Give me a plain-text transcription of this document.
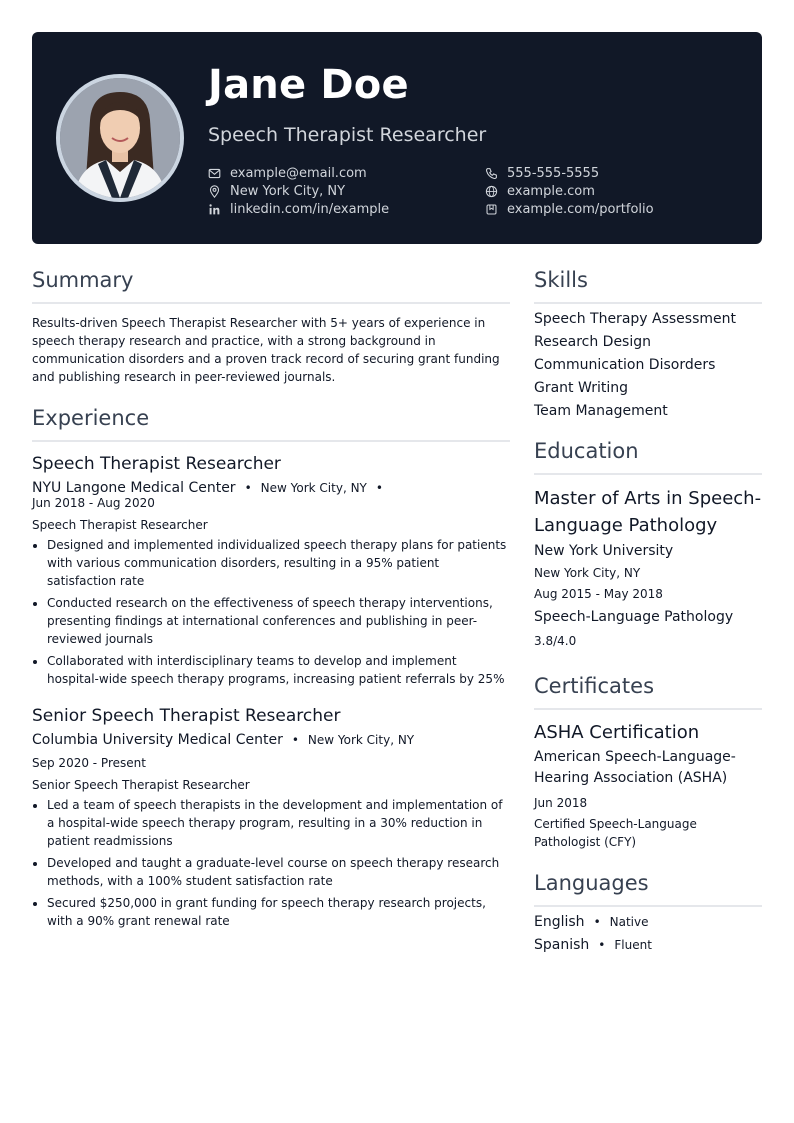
Jane Doe
Speech Therapist Researcher
example@email.com	555-555-5555
New York City, NY	example.com
linkedin.com/in/example	example.com/portfolio
Summary
Results-driven Speech Therapist Researcher with 5+ years of experience in speech therapy research and practice, with a strong background in communication disorders and a proven track record of securing grant funding and publishing research in peer-reviewed journals.
Experience
Speech Therapist Researcher
NYU Langone Medical Center • New York City, NY •
Jun 2018 - Aug 2020
Speech Therapist Researcher
• Designed and implemented individualized speech therapy plans for patients with various communication disorders, resulting in a 95% patient satisfaction rate
• Conducted research on the effectiveness of speech therapy interventions, presenting findings at international conferences and publishing in peer-reviewed journals
• Collaborated with interdisciplinary teams to develop and implement hospital-wide speech therapy programs, increasing patient referrals by 25%
Senior Speech Therapist Researcher
Columbia University Medical Center • New York City, NY
Sep 2020 - Present
Senior Speech Therapist Researcher
• Led a team of speech therapists in the development and implementation of a hospital-wide speech therapy program, resulting in a 30% reduction in patient readmissions
• Developed and taught a graduate-level course on speech therapy research methods, with a 100% student satisfaction rate
• Secured $250,000 in grant funding for speech therapy research projects, with a 90% grant renewal rate
Skills
Speech Therapy Assessment
Research Design
Communication Disorders
Grant Writing
Team Management
Education
Master of Arts in Speech-Language Pathology
New York University
New York City, NY
Aug 2015 - May 2018
Speech-Language Pathology
3.8/4.0
Certificates
ASHA Certification
American Speech-Language-Hearing Association (ASHA)
Jun 2018
Certified Speech-Language Pathologist (CFY)
Languages
English • Native
Spanish • Fluent
